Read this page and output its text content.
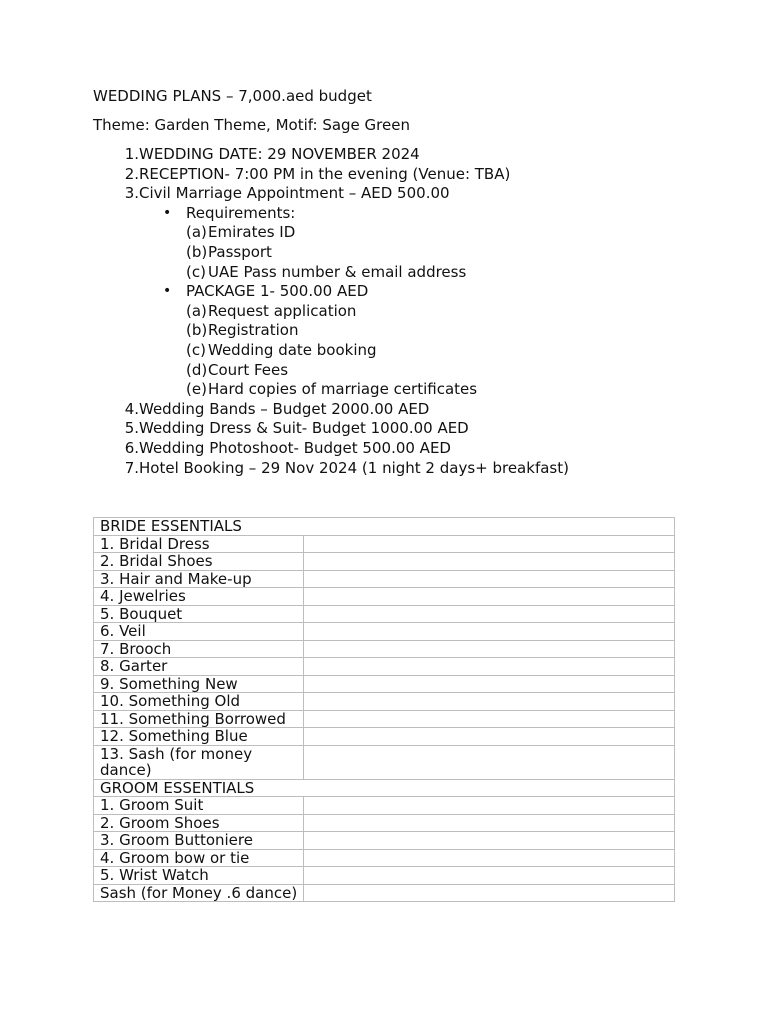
WEDDING PLANS – 7,000.aed budget
Theme: Garden Theme, Motif: Sage Green
1. WEDDING DATE: 29 NOVEMBER 2024
2. RECEPTION- 7:00 PM in the evening (Venue: TBA)
3. Civil Marriage Appointment – AED 500.00
• Requirements:
(a) Emirates ID
(b) Passport
(c) UAE Pass number & email address
• PACKAGE 1- 500.00 AED
(a) Request application
(b) Registration
(c) Wedding date booking
(d) Court Fees
(e) Hard copies of marriage certificates
4. Wedding Bands – Budget 2000.00 AED
5. Wedding Dress & Suit- Budget 1000.00 AED
6. Wedding Photoshoot- Budget 500.00 AED
7. Hotel Booking – 29 Nov 2024 (1 night 2 days+ breakfast)
BRIDE ESSENTIALS	
1. Bridal Dress	
2. Bridal Shoes	
3. Hair and Make-up	
4. Jewelries	
5. Bouquet	
6. Veil	
7. Brooch	
8. Garter	
9. Something New	
10. Something Old	
11. Something Borrowed	
12. Something Blue	
13. Sash (for money dance)	
GROOM ESSENTIALS	
1. Groom Suit	
2. Groom Shoes	
3. Groom Buttoniere	
4. Groom bow or tie	
5. Wrist Watch	
Sash (for Money .6 dance)	
